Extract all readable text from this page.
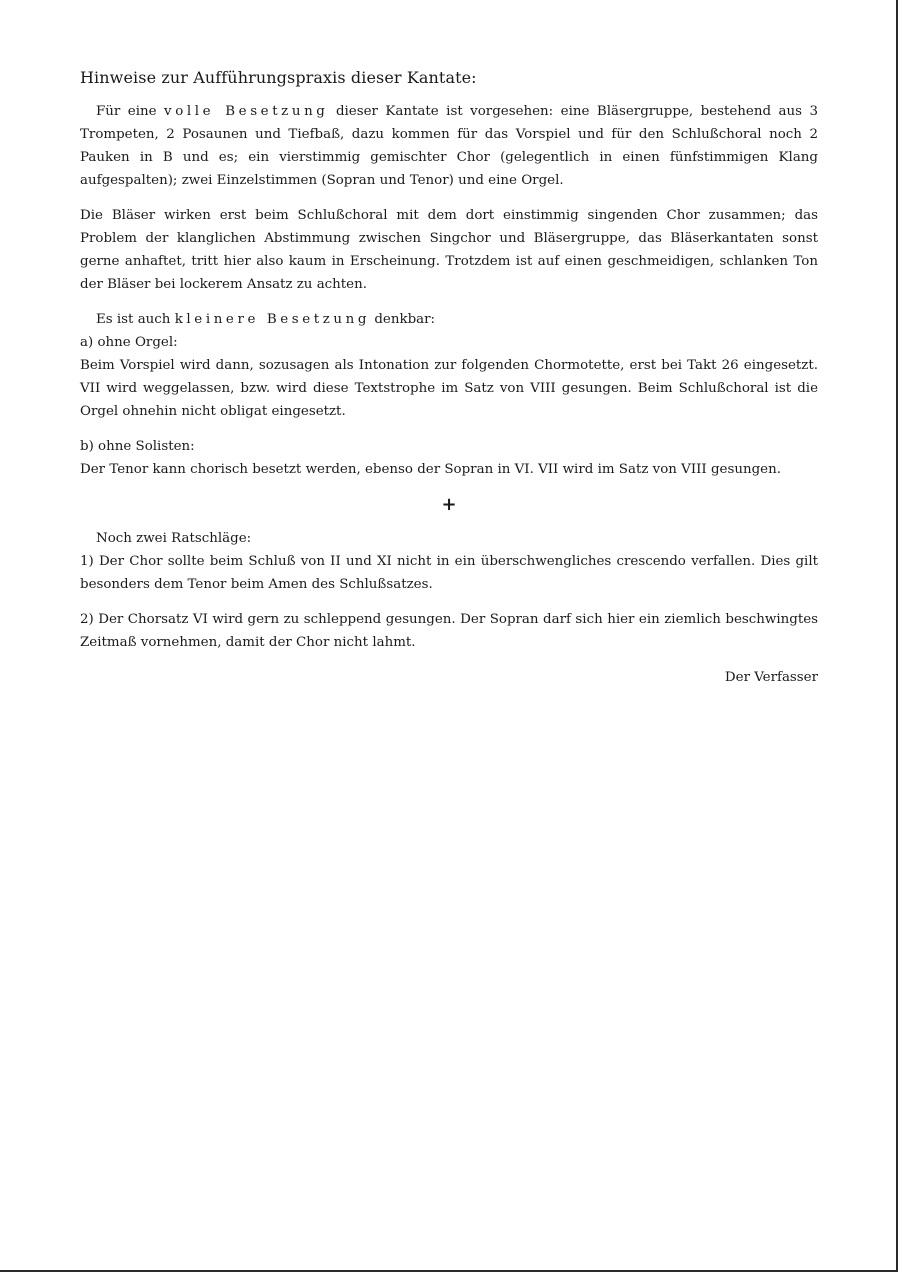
Hinweise zur Aufführungspraxis dieser Kantate:

Für eine volle Besetzung dieser Kantate ist vorgesehen: eine Bläsergruppe, bestehend aus 3 Trompeten, 2 Posaunen und Tiefbaß, dazu kommen für das Vorspiel und für den Schlußchoral noch 2 Pauken in B und es; ein vierstimmig gemischter Chor (gelegentlich in einen fünfstimmigen Klang aufgespalten); zwei Einzelstimmen (Sopran und Tenor) und eine Orgel.

Die Bläser wirken erst beim Schlußchoral mit dem dort einstimmig singenden Chor zusammen; das Problem der klanglichen Abstimmung zwischen Singchor und Bläsergruppe, das Bläserkantaten sonst gerne anhaftet, tritt hier also kaum in Erscheinung. Trotzdem ist auf einen geschmeidigen, schlanken Ton der Bläser bei lockerem Ansatz zu achten.

Es ist auch kleinere Besetzung denkbar:

a) ohne Orgel:
Beim Vorspiel wird dann, sozusagen als Intonation zur folgenden Chormotette, erst bei Takt 26 eingesetzt. VII wird weggelassen, bzw. wird diese Textstrophe im Satz von VIII gesungen. Beim Schlußchoral ist die Orgel ohnehin nicht obligat eingesetzt.

b) ohne Solisten:
Der Tenor kann chorisch besetzt werden, ebenso der Sopran in VI. VII wird im Satz von VIII gesungen.

+

Noch zwei Ratschläge:

1) Der Chor sollte beim Schluß von II und XI nicht in ein überschwengliches crescendo verfallen. Dies gilt besonders dem Tenor beim Amen des Schlußsatzes.

2) Der Chorsatz VI wird gern zu schleppend gesungen. Der Sopran darf sich hier ein ziemlich beschwingtes Zeitmaß vornehmen, damit der Chor nicht lahmt.

Der Verfasser
